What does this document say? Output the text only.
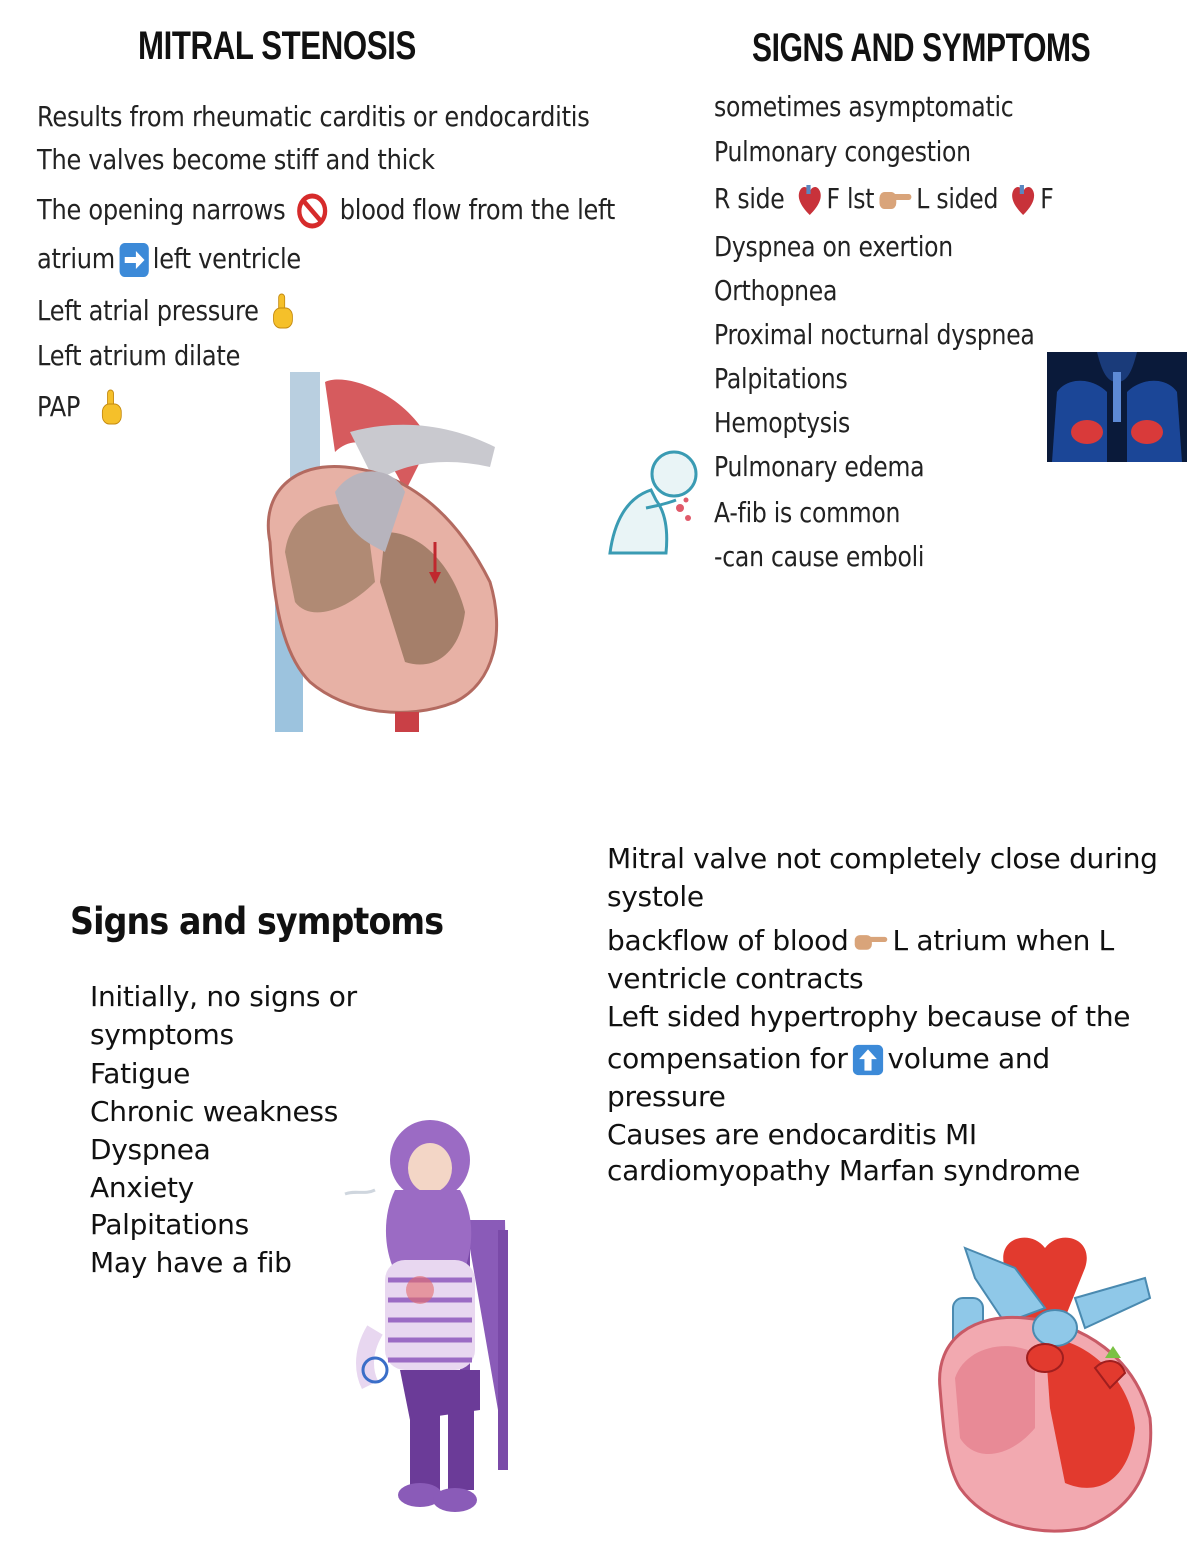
MITRAL STENOSIS
Results from rheumatic carditis or endocarditis
The valves become stiff and thick
The opening narrows blood flow from the left
atrium left ventricle
Left atrial pressure
Left atrium dilate
PAP
SIGNS AND SYMPTOMS
sometimes asymptomatic
Pulmonary congestion
R side F lst L sided F
Dyspnea on exertion
Orthopnea
Proximal nocturnal dyspnea
Palpitations
Hemoptysis
Pulmonary edema
A-fib is common
-can cause emboli
Signs and symptoms
Initially, no signs or
symptoms
Fatigue
Chronic weakness
Dyspnea
Anxiety
Palpitations
May have a fib
Mitral valve not completely close during
systole
backflow of blood L atrium when L
ventricle contracts
Left sided hypertrophy because of the
compensation for volume and
pressure
Causes are endocarditis MI
cardiomyopathy Marfan syndrome
